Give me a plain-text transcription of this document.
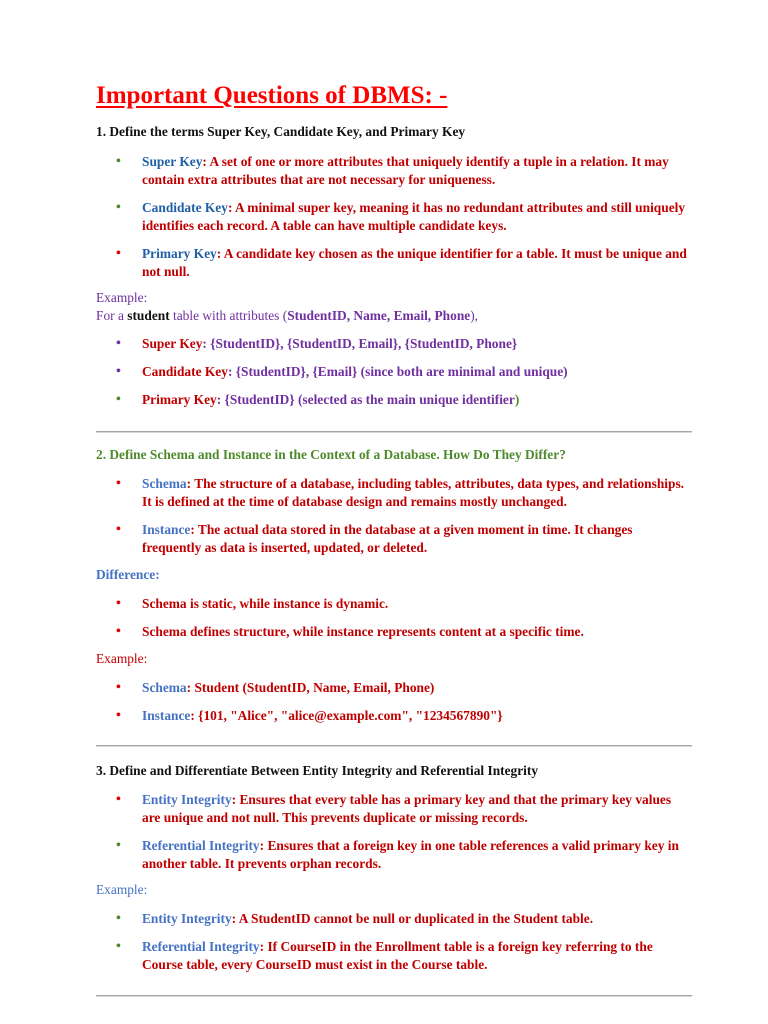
Important Questions of DBMS: -

1. Define the terms Super Key, Candidate Key, and Primary Key

• Super Key: A set of one or more attributes that uniquely identify a tuple in a relation. It may contain extra attributes that are not necessary for uniqueness.
• Candidate Key: A minimal super key, meaning it has no redundant attributes and still uniquely identifies each record. A table can have multiple candidate keys.
• Primary Key: A candidate key chosen as the unique identifier for a table. It must be unique and not null.

Example:

For a student table with attributes (StudentID, Name, Email, Phone),

• Super Key: {StudentID}, {StudentID, Email}, {StudentID, Phone}
• Candidate Key: {StudentID}, {Email} (since both are minimal and unique)
• Primary Key: {StudentID} (selected as the main unique identifier)

2. Define Schema and Instance in the Context of a Database. How Do They Differ?

• Schema: The structure of a database, including tables, attributes, data types, and relationships. It is defined at the time of database design and remains mostly unchanged.
• Instance: The actual data stored in the database at a given moment in time. It changes frequently as data is inserted, updated, or deleted.

Difference:

• Schema is static, while instance is dynamic.
• Schema defines structure, while instance represents content at a specific time.

Example:

• Schema: Student (StudentID, Name, Email, Phone)
• Instance: {101, "Alice", "alice@example.com", "1234567890"}

3. Define and Differentiate Between Entity Integrity and Referential Integrity

• Entity Integrity: Ensures that every table has a primary key and that the primary key values are unique and not null. This prevents duplicate or missing records.
• Referential Integrity: Ensures that a foreign key in one table references a valid primary key in another table. It prevents orphan records.

Example:

• Entity Integrity: A StudentID cannot be null or duplicated in the Student table.
• Referential Integrity: If CourseID in the Enrollment table is a foreign key referring to the Course table, every CourseID must exist in the Course table.
